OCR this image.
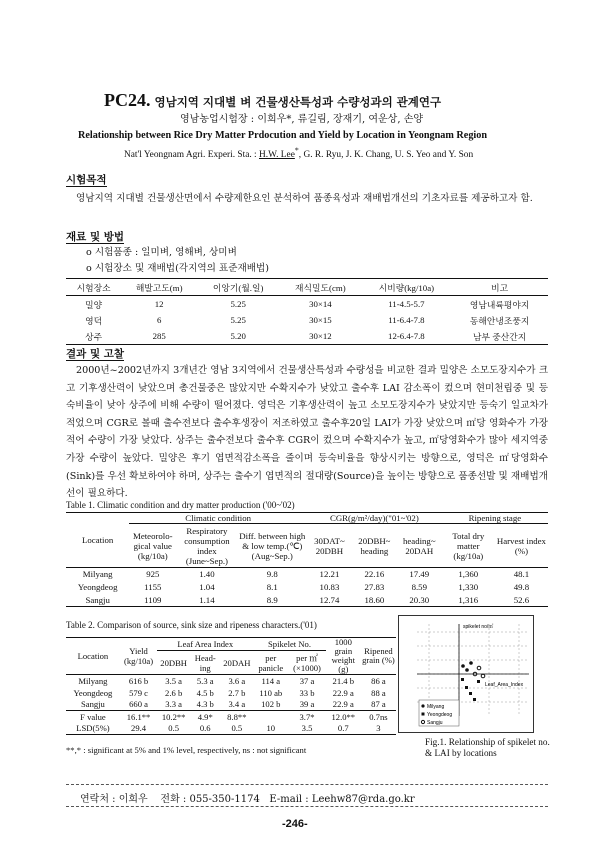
PC24. 영남지역 지대별 벼 건물생산특성과 수량성과의 관계연구
영남농업시험장 : 이희우*, 류길림, 장재기, 여운상, 손양
Relationship between Rice Dry Matter Prdocution and Yield by Location in Yeongnam Region
Nat'l Yeongnam Agri. Experi. Sta. : H.W. Lee*, G. R. Ryu, J. K. Chang, U. S. Yeo and Y. Son
시험목적
영남지역 지대별 건물생산면에서 수량제한요인 분석하여 품종육성과 재배법개선의 기초자료를 제공하고자 함.
재료 및 방법
o 시험품종 : 일미벼, 영해벼, 상미벼
o 시험장소 및 재배법(각지역의 표준재배법)
시험장소	해발고도(m)	이앙기(월.일)	재식밀도(cm)	시비량(kg/10a)	비고
밀양	12	5.25	30×14	11-4.5-5.7	영남내륙평야지
영덕	6	5.25	30×15	11-6.4-7.8	동해안냉조풍지
상주	285	5.20	30×12	12-6.4-7.8	남부 중산간지
결과 및 고찰
2000년~2002년까지 3개년간 영남 3지역에서 건물생산특성과 수량성을 비교한 결과 밀양은 소모도장지수가 크고 기후생산력이 낮았으며 총건물중은 많았지만 수확지수가 낮았고 출수후 LAI 감소폭이 컸으며 현미천립중 및 등숙비율이 낮아 상주에 비해 수량이 떨어졌다. 영덕은 기후생산력이 높고 소모도장지수가 낮았지만 등숙기 일교차가 적었으며 CGR로 볼때 출수전보다 출수후생장이 저조하였고 출수후20일 LAI가 가장 낮았으며 ㎡당 영화수가 가장 적어 수량이 가장 낮았다. 상주는 출수전보다 출수후 CGR이 컸으며 수확지수가 높고, ㎡당영화수가 많아 세지역중 가장 수량이 높았다. 밀양은 후기 엽면적감소폭을 줄이며 등숙비율을 향상시키는 방향으로, 영덕은 ㎡당영화수(Sink)를 우선 확보하여야 하며, 상주는 출수기 엽면적의 절대량(Source)을 높이는 방향으로 품종선발 및 재배법개선이 필요하다.
Table 1. Climatic condition and dry matter production ('00~'02)
Location	Climatic condition			CGR(g/m²/day)("01~'02)			Ripening stage	
	Meteorolo-gical value (kg/10a)	Respiratory consumption index (June~Sep.)	Diff. between high & low temp.(℃) (Aug~Sep.)	30DAT~ 20DBH	20DBH~ heading	heading~ 20DAH	Total dry matter (kg/10a)	Harvest index (%)
Milyang	925	1.40	9.8	12.21	22.16	17.49	1,360	48.1
Yeongdeog	1155	1.04	8.1	10.83	27.83	8.59	1,330	49.8
Sangju	1109	1.14	8.9	12.74	18.60	20.30	1,316	52.6
Table 2. Comparison of source, sink size and ripeness characters.('01)
Location	Yield (kg/10a)	Leaf Area Index			Spikelet No.		1000 grain weight (g)	Ripened grain (%)
		20DBH	Head-ing	20DAH	per panicle	per ㎡ (×1000)		
Milyang	616 b	3.5 a	5.3 a	3.6 a	114 a	37 a	21.4 b	86 a
Yeongdeog	579 c	2.6 b	4.5 b	2.7 b	110 ab	33 b	22.9 a	88 a
Sangju	660 a	3.3 a	4.3 b	3.4 a	102 b	39 a	22.9 a	87 a
F value	16.1**	10.2**	4.9*	8.8**		3.7*	12.0**	0.7ns
LSD(5%)	29.4	0.5	0.6	0.5	10	3.5	0.7	3
**,* : significant at 5% and 1% level, respectively, ns : not significant
spikelet no/㎡
Leaf_Area_Index
Milyang
Yeongdeog
Sangju
Fig.1. Relationship of spikelet no. & LAI by locations
연락처 : 이희우 전화 : 055-350-1174 E-mail : Leehw87@rda.go.kr
-246-
